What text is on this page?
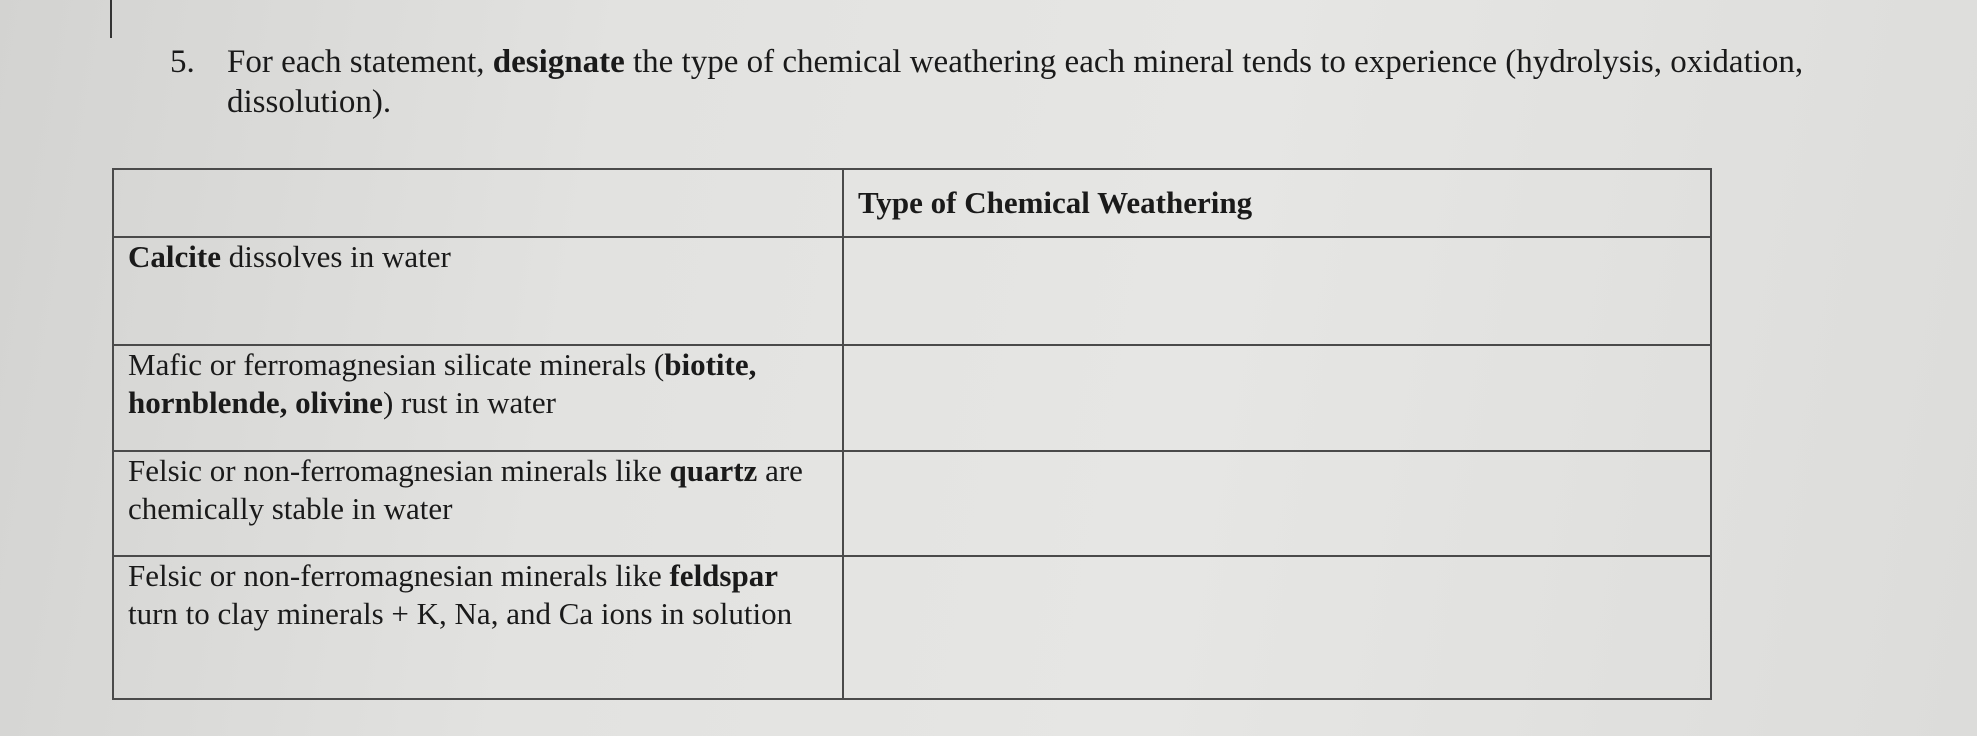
5. For each statement, designate the type of chemical weathering each mineral tends to experience (hydrolysis, oxidation, dissolution).
	Type of Chemical Weathering
Calcite dissolves in water	
Mafic or ferromagnesian silicate minerals (biotite, hornblende, olivine) rust in water	
Felsic or non-ferromagnesian minerals like quartz are chemically stable in water	
Felsic or non-ferromagnesian minerals like feldspar turn to clay minerals + K, Na, and Ca ions in solution	
